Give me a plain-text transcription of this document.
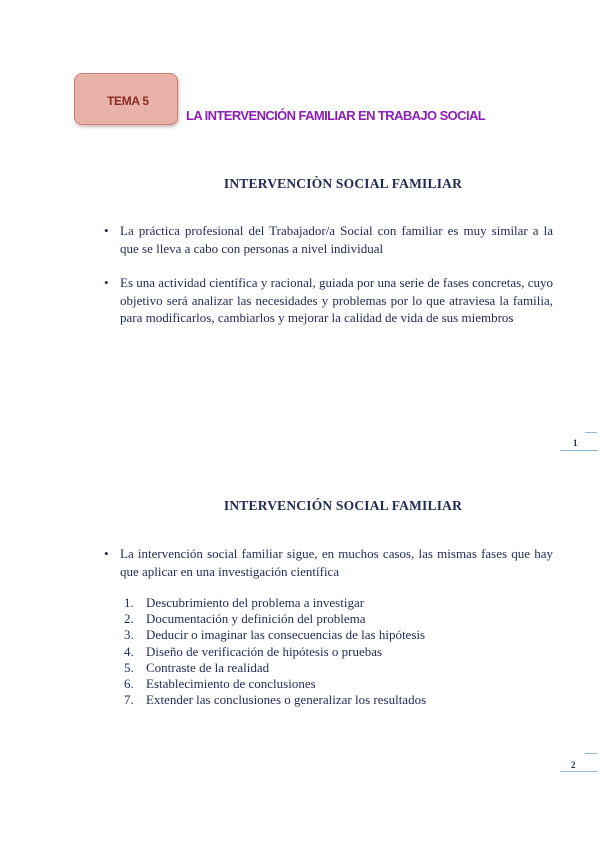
TEMA 5
LA INTERVENCIÓN FAMILIAR EN TRABAJO SOCIAL
INTERVENCIÒN SOCIAL FAMILIAR
• La práctica profesional del Trabajador/a Social con familiar es muy similar a la que se lleva a cabo con personas a nivel individual
• Es una actividad científica y racional, guiada por una serie de fases concretas, cuyo objetivo será analizar las necesidades y problemas por lo que atraviesa la familia, para modificarlos, cambiarlos y mejorar la calidad de vida de sus miembros
1
INTERVENCIÓN SOCIAL FAMILIAR
• La intervención social familiar sigue, en muchos casos, las mismas fases que hay que aplicar en una investigación científica
1. Descubrimiento del problema a investigar
2. Documentación y definición del problema
3. Deducir o imaginar las consecuencias de las hipótesis
4. Diseño de verificación de hipótesis o pruebas
5. Contraste de la realidad
6. Establecimiento de conclusiones
7. Extender las conclusiones o generalizar los resultados
2
